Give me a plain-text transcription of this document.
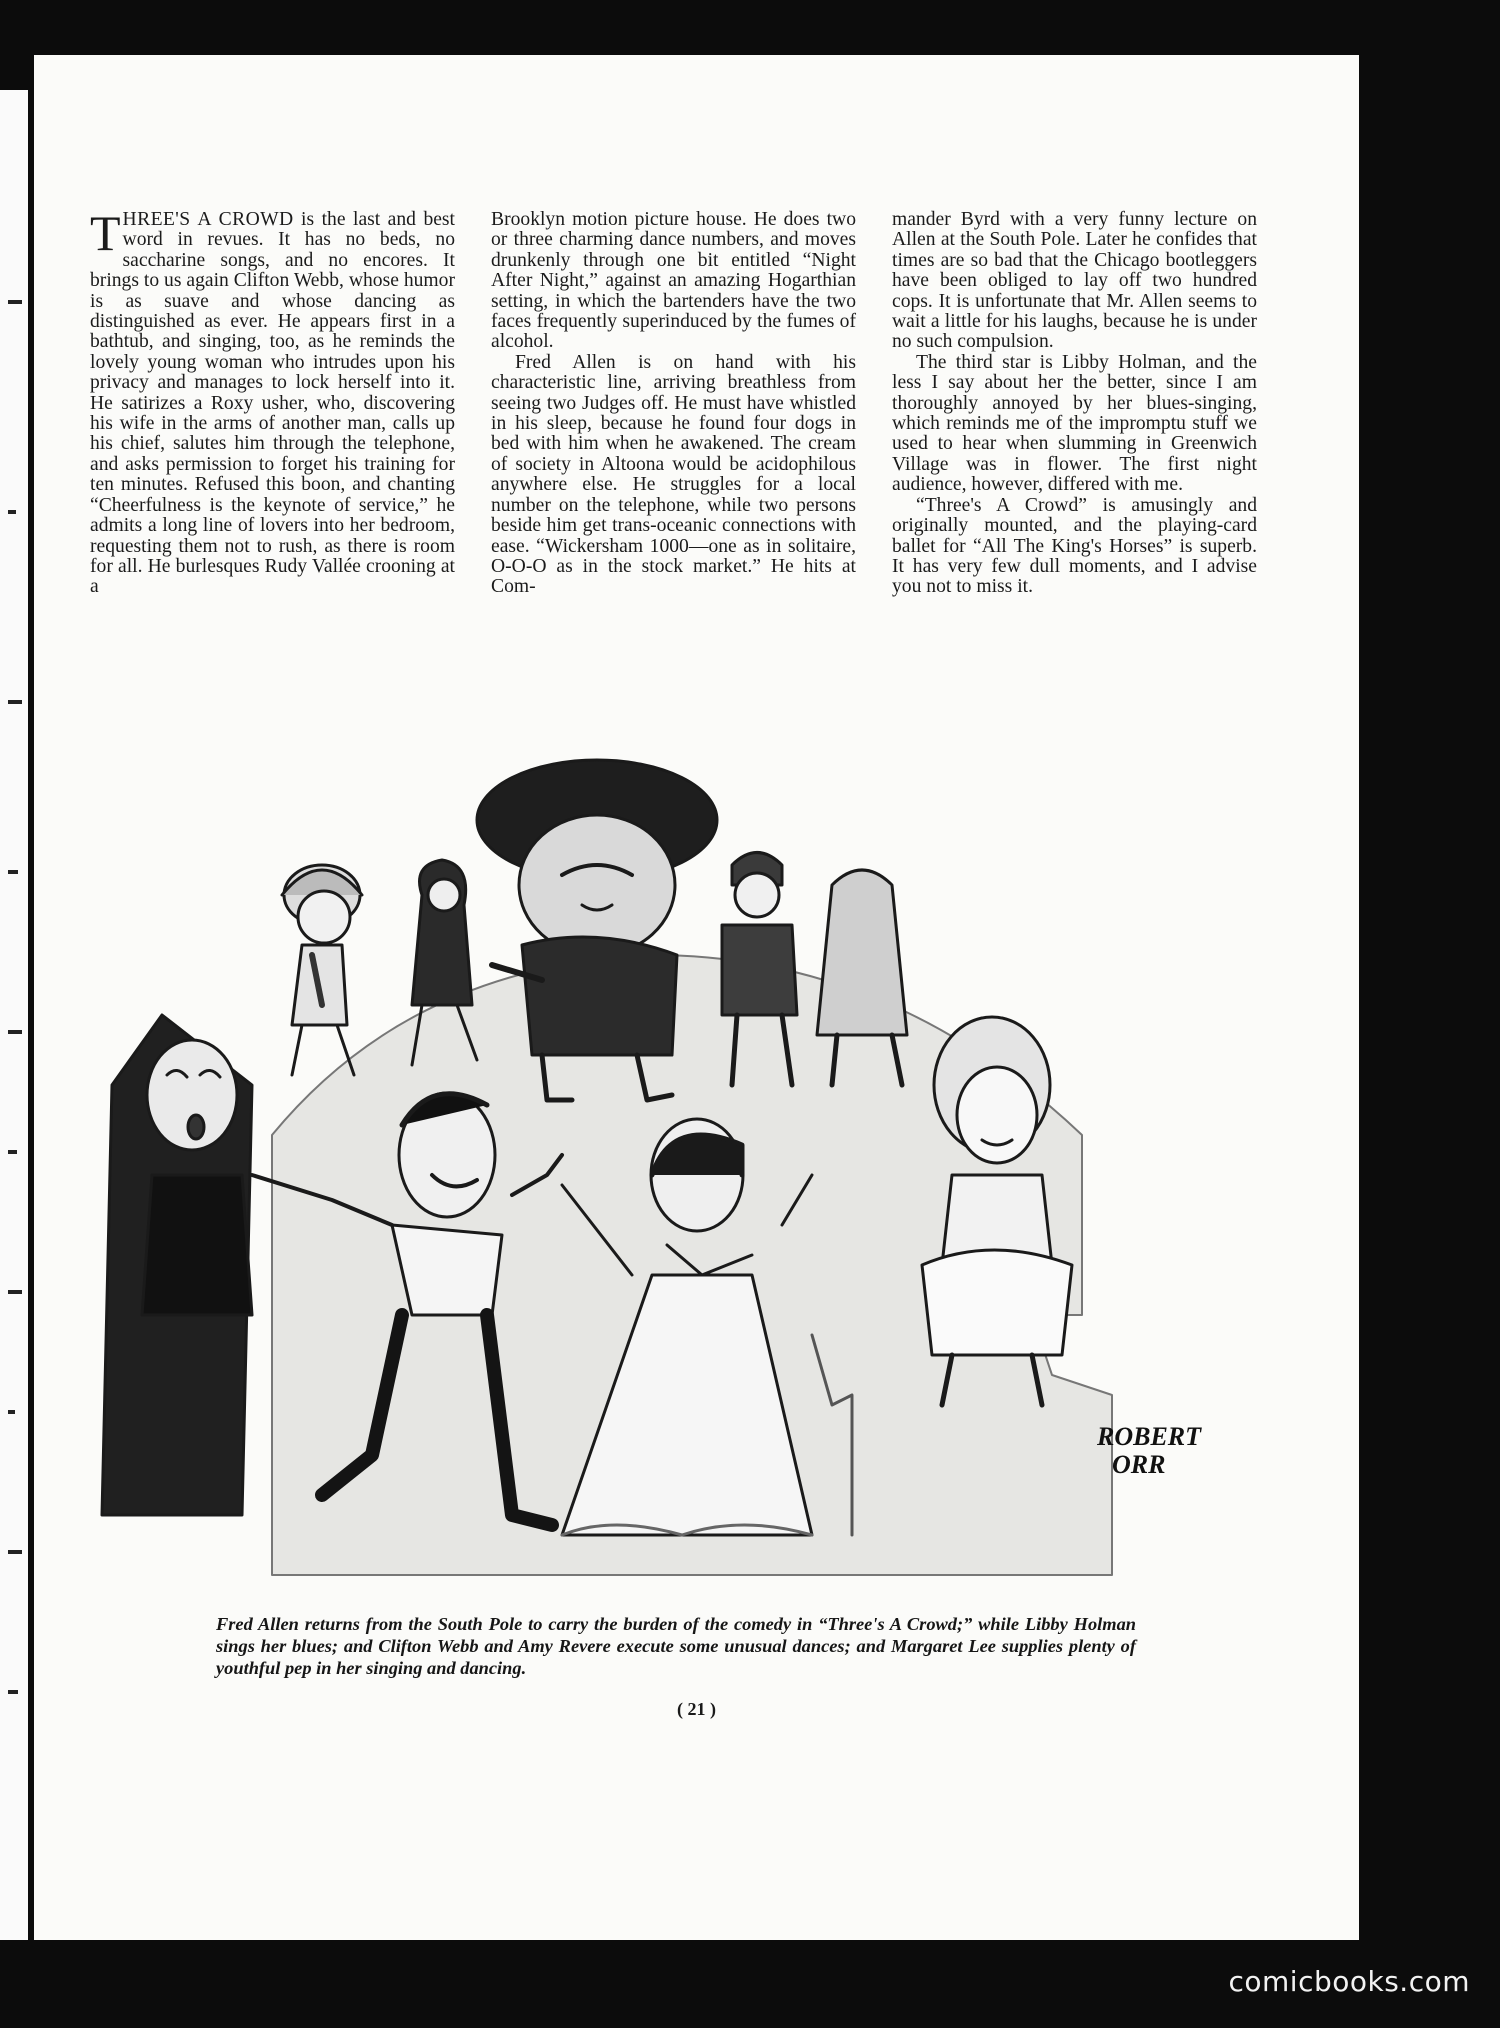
THREE'S A CROWD is the last and best word in revues. It has no beds, no saccharine songs, and no encores. It brings to us again Clifton Webb, whose humor is as suave and whose dancing as distinguished as ever. He appears first in a bathtub, and singing, too, as he reminds the lovely young woman who intrudes upon his privacy and manages to lock herself into it. He satirizes a Roxy usher, who, discovering his wife in the arms of another man, calls up his chief, salutes him through the telephone, and asks permission to forget his training for ten minutes. Refused this boon, and chanting “Cheerfulness is the keynote of service,” he admits a long line of lovers into her bedroom, requesting them not to rush, as there is room for all. He burlesques Rudy Vallée crooning at a

Brooklyn motion picture house. He does two or three charming dance numbers, and moves drunkenly through one bit entitled “Night After Night,” against an amazing Hogarthian setting, in which the bartenders have the two faces frequently superinduced by the fumes of alcohol.

Fred Allen is on hand with his characteristic line, arriving breathless from seeing two Judges off. He must have whistled in his sleep, because he found four dogs in bed with him when he awakened. The cream of society in Altoona would be acidophilous anywhere else. He struggles for a local number on the telephone, while two persons beside him get trans-oceanic connections with ease. “Wickersham 1000—one as in solitaire, O-O-O as in the stock market.” He hits at Com-

mander Byrd with a very funny lecture on Allen at the South Pole. Later he confides that times are so bad that the Chicago bootleggers have been obliged to lay off two hundred cops. It is unfortunate that Mr. Allen seems to wait a little for his laughs, because he is under no such compulsion.

The third star is Libby Holman, and the less I say about her the better, since I am thoroughly annoyed by her blues-singing, which reminds me of the impromptu stuff we used to hear when slumming in Greenwich Village was in flower. The first night audience, however, differed with me.

“Three's A Crowd” is amusingly and originally mounted, and the playing-card ballet for “All The King's Horses” is superb. It has very few dull moments, and I advise you not to miss it.

ROBERT
ORR
Fred Allen returns from the South Pole to carry the burden of the comedy in “Three's A Crowd;” while Libby Holman sings her blues; and Clifton Webb and Amy Revere execute some unusual dances; and Margaret Lee supplies plenty of youthful pep in her singing and dancing.
( 21 )
comicbooks.com
